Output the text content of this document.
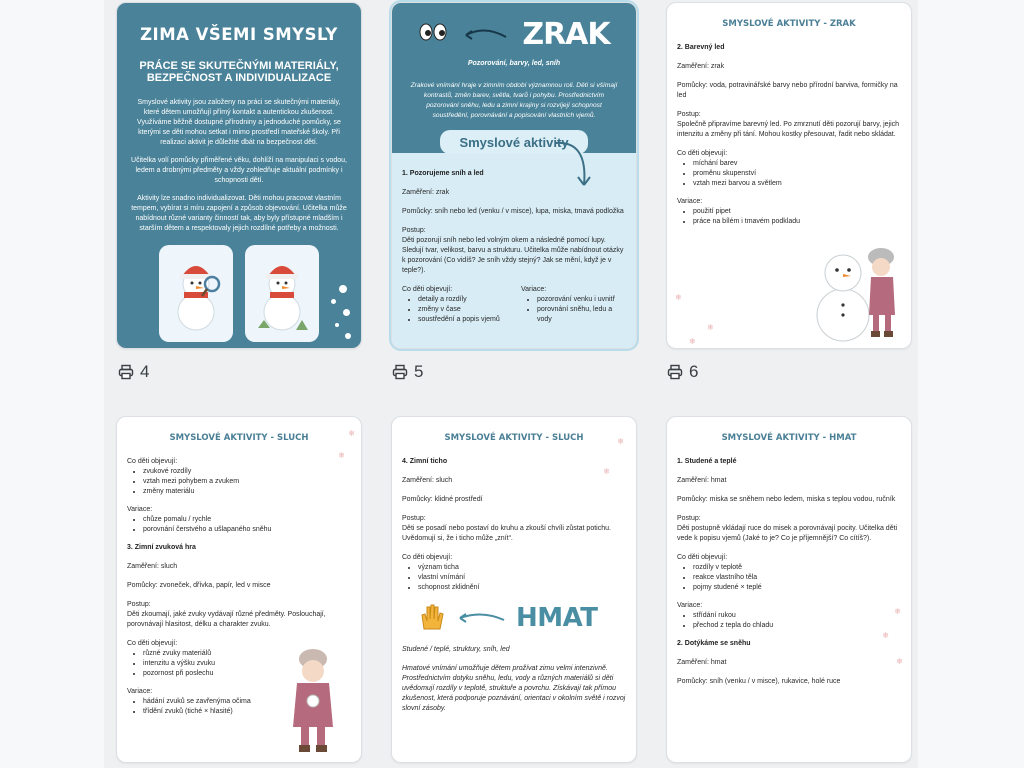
ZIMA VŠEMI SMYSLY
PRÁCE SE SKUTEČNÝMI MATERIÁLY, BEZPEČNOST A INDIVIDUALIZACE
Smyslové aktivity jsou založeny na práci se skutečnými materiály, které dětem umožňují přímý kontakt a autentickou zkušenost. Využíváme běžně dostupné přírodniny a jednoduché pomůcky, se kterými se děti mohou setkat i mimo prostředí mateřské školy. Při realizaci aktivit je důležité dbát na bezpečnost dětí.
Učitelka volí pomůcky přiměřené věku, dohlíží na manipulaci s vodou, ledem a drobnými předměty a vždy zohledňuje aktuální podmínky i schopnosti dětí.
Aktivity lze snadno individualizovat. Děti mohou pracovat vlastním tempem, vybírat si míru zapojení a způsob objevování. Učitelka může nabídnout různé varianty činností tak, aby byly přístupné mladším i starším dětem a respektovaly jejich rozdílné potřeby a možnosti.
ZRAK
Pozorování, barvy, led, sníh
Zrakové vnímání hraje v zimním období významnou roli. Děti si všímají kontrastů, změn barev, světla, tvarů i pohybu. Prostřednictvím pozorování sněhu, ledu a zimní krajiny si rozvíjejí schopnost soustředění, porovnávání a popisování vlastních vjemů.
Smyslové aktivity

1. Pozorujeme sníh a led

Zaměření: zrak

Pomůcky: sníh nebo led (venku / v misce), lupa, miska, tmavá podložka

Postup:

Děti pozorují sníh nebo led volným okem a následně pomocí lupy. Sledují tvar, velikost, barvu a strukturu. Učitelka může nabídnout otázky k pozorování (Co vidíš? Je sníh vždy stejný? Jak se mění, když je v teple?).

Co děti objevují:

• detaily a rozdíly
• změny v čase
• soustředění a popis vjemů

Variace:

• pozorování venku i uvnitř
• porovnání sněhu, ledu a vody
SMYSLOVÉ AKTIVITY - ZRAK

2. Barevný led

Zaměření: zrak

Pomůcky: voda, potravinářské barvy nebo přírodní barviva, formičky na led

Postup:

Společně připravíme barevný led. Po zmrznutí děti pozorují barvy, jejich intenzitu a změny při tání. Mohou kostky přesouvat, řadit nebo skládat.

Co děti objevují:

• míchání barev
• proměnu skupenství
• vztah mezi barvou a světlem

Variace:

• použití pipet
• práce na bílém i tmavém podkladu
❄
❄
❄
SMYSLOVÉ AKTIVITY - SLUCH

Co děti objevují:

• zvukové rozdíly
• vztah mezi pohybem a zvukem
• změny materiálu

Variace:

• chůze pomalu / rychle
• porovnání čerstvého a ušlapaného sněhu

3. Zimní zvuková hra

Zaměření: sluch

Pomůcky: zvoneček, dřívka, papír, led v misce

Postup:

Děti zkoumají, jaké zvuky vydávají různé předměty. Poslouchají, porovnávají hlasitost, délku a charakter zvuku.

Co děti objevují:

• různé zvuky materiálů
• intenzitu a výšku zvuku
• pozornost při poslechu

Variace:

• hádání zvuků se zavřenýma očima
• třídění zvuků (tiché × hlasité)
❄
❄
SMYSLOVÉ AKTIVITY - SLUCH

4. Zimní ticho

Zaměření: sluch

Pomůcky: klidné prostředí

Postup:

Děti se posadí nebo postaví do kruhu a zkouší chvíli zůstat potichu. Uvědomují si, že i ticho může „znít“.

Co děti objevují:

• význam ticha
• vlastní vnímání
• schopnost zklidnění
HMAT

Studené / teplé, struktury, sníh, led

Hmatové vnímání umožňuje dětem prožívat zimu velmi intenzivně. Prostřednictvím dotyku sněhu, ledu, vody a různých materiálů si děti uvědomují rozdíly v teplotě, struktuře a povrchu. Získávají tak přímou zkušenost, která podporuje poznávání, orientaci v okolním světě i rozvoj slovní zásoby.

❄
❄
SMYSLOVÉ AKTIVITY - HMAT

1. Studené a teplé

Zaměření: hmat

Pomůcky: miska se sněhem nebo ledem, miska s teplou vodou, ručník

Postup:

Děti postupně vkládají ruce do misek a porovnávají pocity. Učitelka děti vede k popisu vjemů (Jaké to je? Co je příjemnější? Co cítíš?).

Co děti objevují:

• rozdíly v teplotě
• reakce vlastního těla
• pojmy studené × teplé

Variace:

• střídání rukou
• přechod z tepla do chladu

2. Dotýkáme se sněhu

Zaměření: hmat

Pomůcky: sníh (venku / v misce), rukavice, holé ruce

❄
❄
❄
4	5	6
